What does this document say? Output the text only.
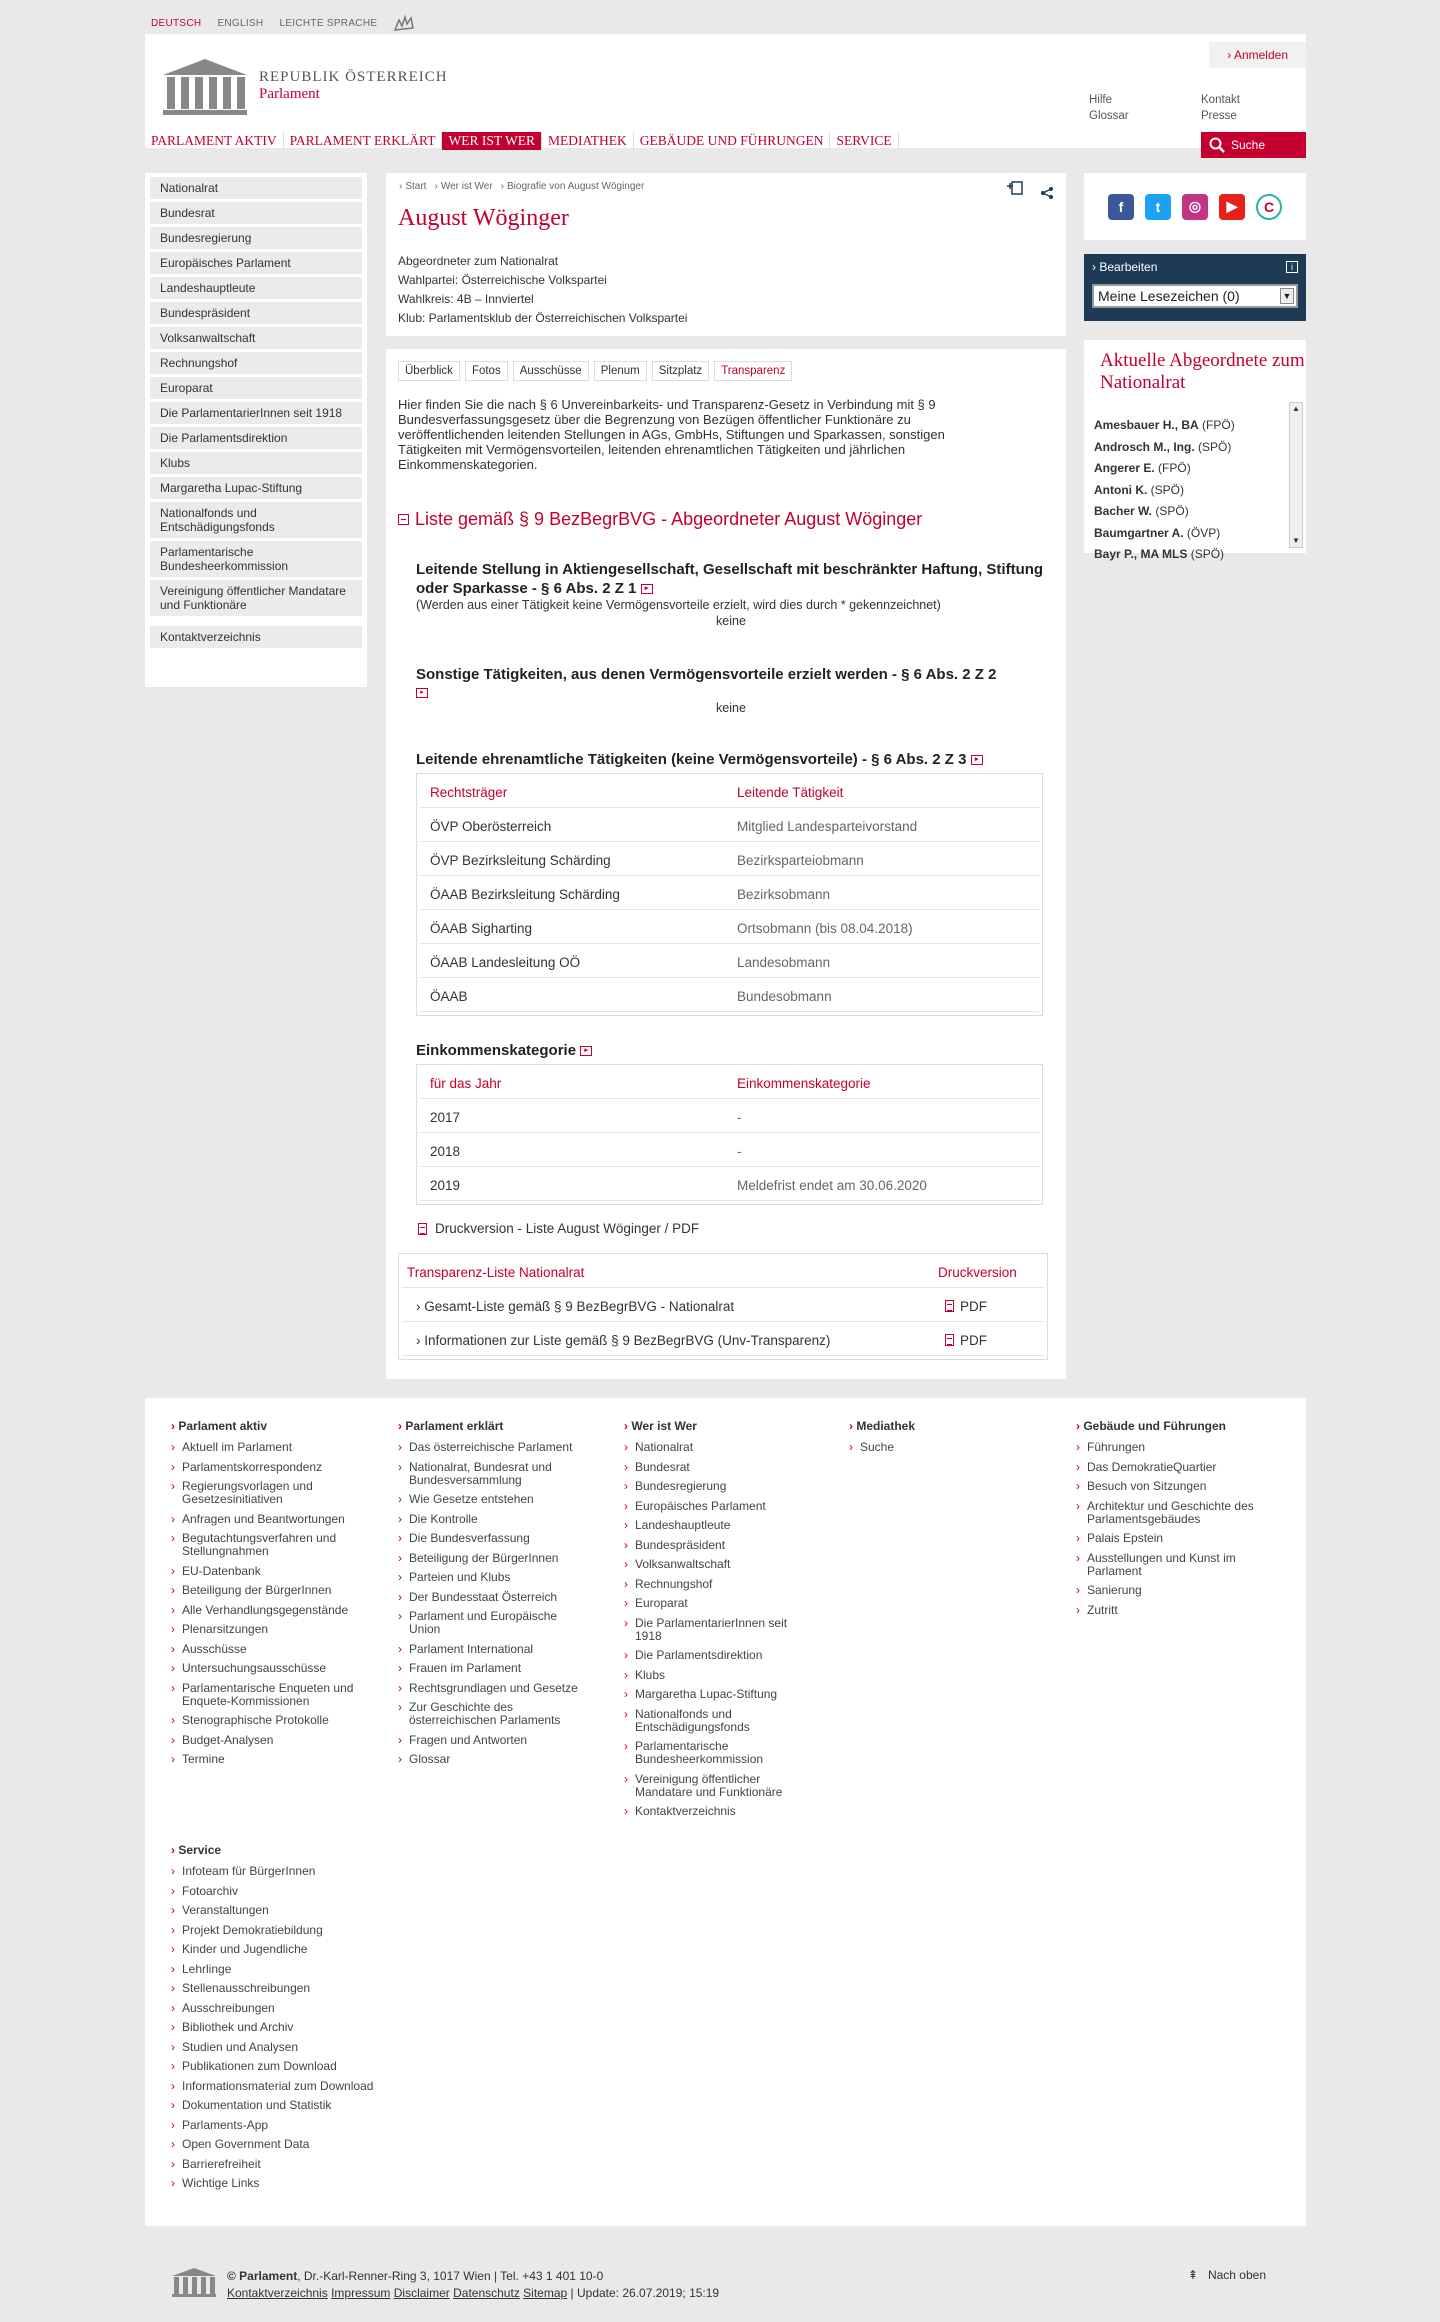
DEUTSCH ENGLISH LEICHTE SPRACHE
REPUBLIK ÖSTERREICH
Parlament
› Anmelden
Hilfe
Glossar
Kontakt
Presse
PARLAMENT AKTIV PARLAMENT ERKLÄRT WER IST WER MEDIATHEK GEBÄUDE UND FÜHRUNGEN SERVICE	Suche
Nationalrat
Bundesrat
Bundesregierung
Europäisches Parlament
Landeshauptleute
Bundespräsident
Volksanwaltschaft
Rechnungshof
Europarat
Die ParlamentarierInnen seit 1918
Die Parlamentsdirektion
Klubs
Margaretha Lupac-Stiftung
Nationalfonds und Entschädigungsfonds
Parlamentarische Bundesheerkommission
Vereinigung öffentlicher Mandatare und Funktionäre
Kontaktverzeichnis
› Start	› Wer ist Wer	› Biografie von August Wöginger
August Wöginger
Abgeordneter zum Nationalrat
Wahlpartei: Österreichische Volkspartei
Wahlkreis: 4B – Innviertel
Klub: Parlamentsklub der Österreichischen Volkspartei
Überblick	Fotos	Ausschüsse	Plenum	Sitzplatz	Transparenz
Hier finden Sie die nach § 6 Unvereinbarkeits- und Transparenz-Gesetz in Verbindung mit § 9 Bundesverfassungsgesetz über die Begrenzung von Bezügen öffentlicher Funktionäre zu veröffentlichenden leitenden Stellungen in AGs, GmbHs, Stiftungen und Sparkassen, sonstigen Tätigkeiten mit Vermögensvorteilen, leitenden ehrenamtlichen Tätigkeiten und jährlichen Einkommenskategorien.
Liste gemäß § 9 BezBegrBVG - Abgeordneter August Wöginger
Leitende Stellung in Aktiengesellschaft, Gesellschaft mit beschränkter Haftung, Stiftung oder Sparkasse - § 6 Abs. 2 Z 1 ▸
(Werden aus einer Tätigkeit keine Vermögensvorteile erzielt, wird dies durch * gekennzeichnet)
keine
Sonstige Tätigkeiten, aus denen Vermögensvorteile erzielt werden - § 6 Abs. 2 Z 2
▸
keine
Leitende ehrenamtliche Tätigkeiten (keine Vermögensvorteile) - § 6 Abs. 2 Z 3 ▸
Rechtsträger	Leitende Tätigkeit
ÖVP Oberösterreich	Mitglied Landesparteivorstand
ÖVP Bezirksleitung Schärding	Bezirksparteiobmann
ÖAAB Bezirksleitung Schärding	Bezirksobmann
ÖAAB Sigharting	Ortsobmann (bis 08.04.2018)
ÖAAB Landesleitung OÖ	Landesobmann
ÖAAB	Bundesobmann
Einkommenskategorie ▸
für das Jahr	Einkommenskategorie
2017	-
2018	-
2019	Meldefrist endet am 30.06.2020
Druckversion - Liste August Wöginger / PDF
Transparenz-Liste Nationalrat	Druckversion
› Gesamt-Liste gemäß § 9 BezBegrBVG - Nationalrat	PDF
› Informationen zur Liste gemäß § 9 BezBegrBVG (Unv-Transparenz)	PDF
f	t	◎	▶	C
› Bearbeiten	i
Meine Lesezeichen (0)	▼
Aktuelle Abgeordnete zum Nationalrat
Amesbauer H., BA (FPÖ)
Androsch M., Ing. (SPÖ)
Angerer E. (FPÖ)
Antoni K. (SPÖ)
Bacher W. (SPÖ)
Baumgartner A. (ÖVP)
Bayr P., MA MLS (SPÖ)
▲
▼
› Parlament aktiv
› Aktuell im Parlament
› Parlamentskorrespondenz
› Regierungsvorlagen und Gesetzesinitiativen
› Anfragen und Beantwortungen
› Begutachtungsverfahren und Stellungnahmen
› EU-Datenbank
› Beteiligung der BürgerInnen
› Alle Verhandlungsgegenstände
› Plenarsitzungen
› Ausschüsse
› Untersuchungsausschüsse
› Parlamentarische Enqueten und Enquete-Kommissionen
› Stenographische Protokolle
› Budget-Analysen
› Termine
› Parlament erklärt
› Das österreichische Parlament
› Nationalrat, Bundesrat und Bundesversammlung
› Wie Gesetze entstehen
› Die Kontrolle
› Die Bundesverfassung
› Beteiligung der BürgerInnen
› Parteien und Klubs
› Der Bundesstaat Österreich
› Parlament und Europäische Union
› Parlament International
› Frauen im Parlament
› Rechtsgrundlagen und Gesetze
› Zur Geschichte des österreichischen Parlaments
› Fragen und Antworten
› Glossar
› Wer ist Wer
› Nationalrat
› Bundesrat
› Bundesregierung
› Europäisches Parlament
› Landeshauptleute
› Bundespräsident
› Volksanwaltschaft
› Rechnungshof
› Europarat
› Die ParlamentarierInnen seit 1918
› Die Parlamentsdirektion
› Klubs
› Margaretha Lupac-Stiftung
› Nationalfonds und Entschädigungsfonds
› Parlamentarische Bundesheerkommission
› Vereinigung öffentlicher Mandatare und Funktionäre
› Kontaktverzeichnis
› Mediathek
› Suche
› Gebäude und Führungen
› Führungen
› Das DemokratieQuartier
› Besuch von Sitzungen
› Architektur und Geschichte des Parlamentsgebäudes
› Palais Epstein
› Ausstellungen und Kunst im Parlament
› Sanierung
› Zutritt
› Service
› Infoteam für BürgerInnen
› Fotoarchiv
› Veranstaltungen
› Projekt Demokratiebildung
› Kinder und Jugendliche
› Lehrlinge
› Stellenausschreibungen
› Ausschreibungen
› Bibliothek und Archiv
› Studien und Analysen
› Publikationen zum Download
› Informationsmaterial zum Download
› Dokumentation und Statistik
› Parlaments-App
› Open Government Data
› Barrierefreiheit
› Wichtige Links
© Parlament, Dr.-Karl-Renner-Ring 3, 1017 Wien | Tel. +43 1 401 10-0
Kontaktverzeichnis Impressum Disclaimer Datenschutz Sitemap | Update: 26.07.2019; 15:19
⇞ Nach oben
